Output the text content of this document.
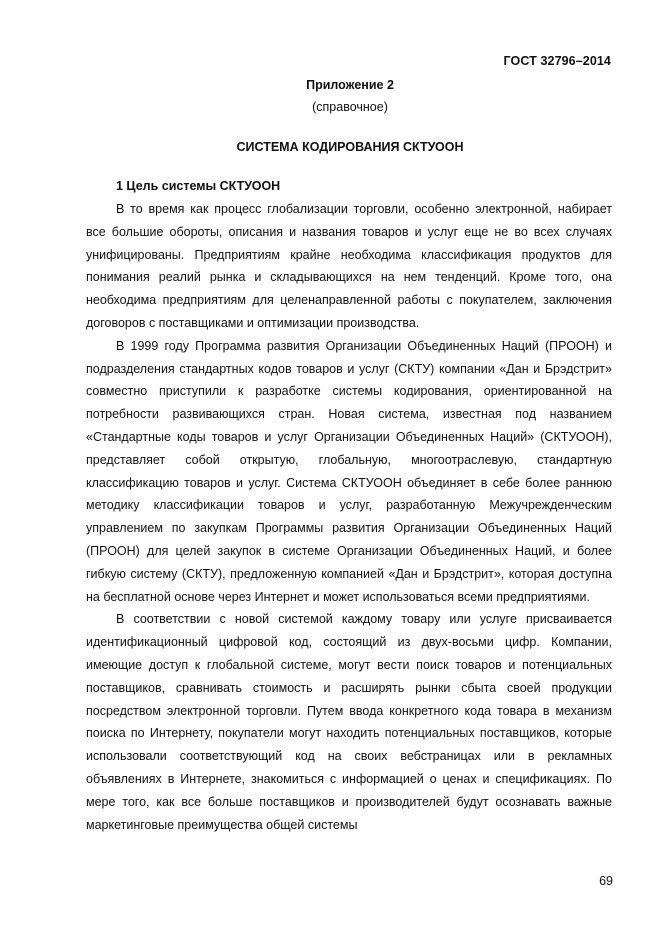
ГОСТ 32796–2014
Приложение 2
(справочное)
СИСТЕМА КОДИРОВАНИЯ СКТУООН
1 Цель системы СКТУООН

В то время как процесс глобализации торговли, особенно электронной, набирает все большие обороты, описания и названия товаров и услуг еще не во всех случаях унифицированы. Предприятиям крайне необходима классификация продуктов для понимания реалий рынка и складывающихся на нем тенденций. Кроме того, она необходима предприятиям для целенаправленной работы с покупателем, заключения договоров с поставщиками и оптимизации производства.

В 1999 году Программа развития Организации Объединенных Наций (ПРООН) и подразделения стандартных кодов товаров и услуг (СКТУ) компании «Дан и Брэдстрит» совместно приступили к разработке системы кодирования, ориентированной на потребности развивающихся стран. Новая система, известная под названием «Стандартные коды товаров и услуг Организации Объединенных Наций» (СКТУООН), представляет собой открытую, глобальную, многоотраслевую, стандартную классификацию товаров и услуг. Система СКТУООН объединяет в себе более раннюю методику классификации товаров и услуг, разработанную Межучрежденческим управлением по закупкам Программы развития Организации Объединенных Наций (ПРООН) для целей закупок в системе Организации Объединенных Наций, и более гибкую систему (СКТУ), предложенную компанией «Дан и Брэдстрит», которая доступна на бесплатной основе через Интернет и может использоваться всеми предприятиями.

В соответствии с новой системой каждому товару или услуге присваивается идентификационный цифровой код, состоящий из двух-восьми цифр. Компании, имеющие доступ к глобальной системе, могут вести поиск товаров и потенциальных поставщиков, сравнивать стоимость и расширять рынки сбыта своей продукции посредством электронной торговли. Путем ввода конкретного кода товара в механизм поиска по Интернету, покупатели могут находить потенциальных поставщиков, которые использовали соответствующий код на своих вебстраницах или в рекламных объявлениях в Интернете, знакомиться с информацией о ценах и спецификациях. По мере того, как все больше поставщиков и производителей будут осознавать важные маркетинговые преимущества общей системы

69
